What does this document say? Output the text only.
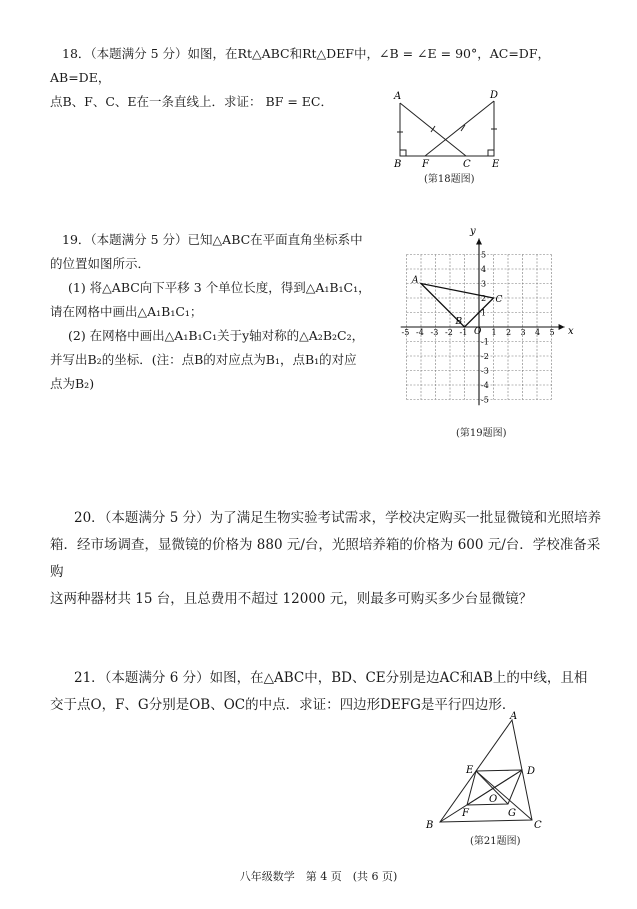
18．（本题满分 5 分）如图，在Rt△ABC和Rt△DEF中，∠B = ∠E = 90°，AC=DF，AB=DE，

点B、F、C、E在一条直线上．求证： BF = EC．	A	D
B F	C E
(第18题图)

19．（本题满分 5 分）已知△ABC在平面直角坐标系中

的位置如图所示．

(1) 将△ABC向下平移 3 个单位长度，得到△A₁B₁C₁，

请在网格中画出△A₁B₁C₁；

(2) 在网格中画出△A₁B₁C₁关于y轴对称的△A₂B₂C₂，

并写出B₂的坐标．(注：点B的对应点为B₁，点B₁的对应

点为B₂)

-5 -4 -3 -2 -1	1 2 3 4 5
5
4
3
2
1
-1
-2
-3
-4
-5
y
x
O
A
B
C
(第19题图)

20．（本题满分 5 分）为了满足生物实验考试需求，学校决定购买一批显微镜和光照培养

箱．经市场调查，显微镜的价格为 880 元/台，光照培养箱的价格为 600 元/台．学校准备采购

这两种器材共 15 台，且总费用不超过 12000 元，则最多可购买多少台显微镜？

21．（本题满分 6 分）如图，在△ABC中，BD、CE分别是边AC和AB上的中线，且相

交于点O，F、G分别是OB、OC的中点．求证：四边形DEFG是平行四边形．

A
E	D
O
F	G
B	C
(第21题图)
八年级数学　第 4 页　(共 6 页)
